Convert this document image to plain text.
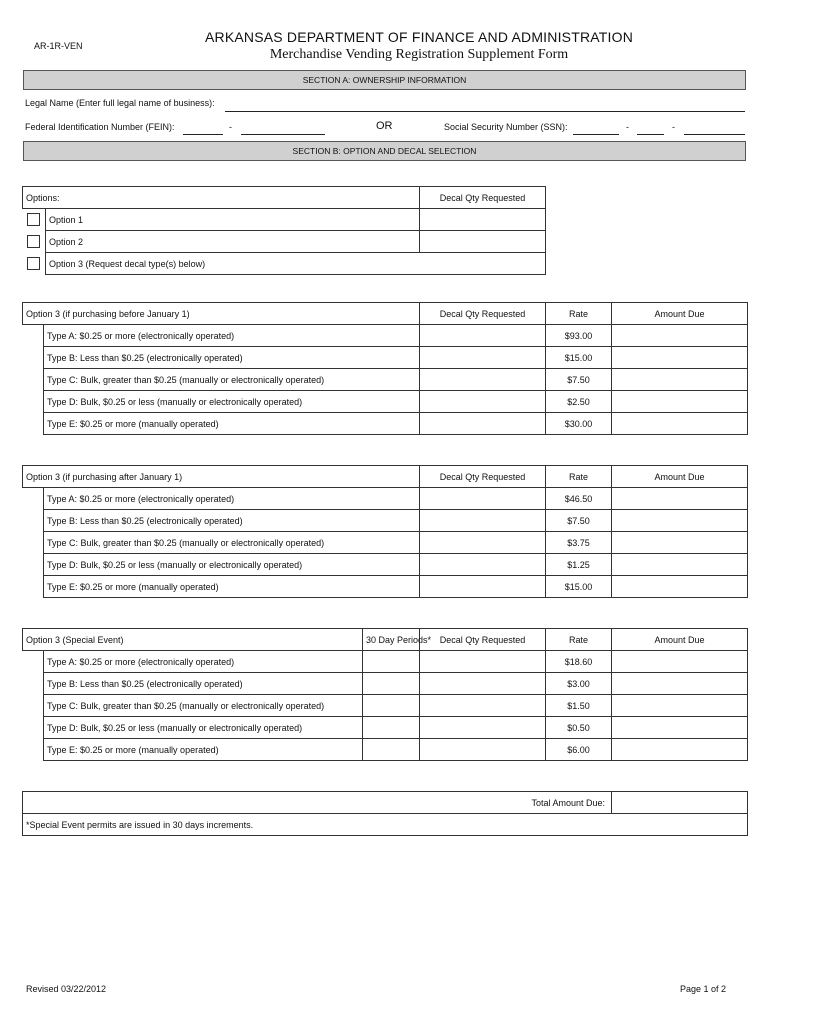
AR-1R-VEN
ARKANSAS DEPARTMENT OF FINANCE AND ADMINISTRATION
Merchandise Vending Registration Supplement Form
SECTION A: OWNERSHIP INFORMATION
Legal Name (Enter full legal name of business):
Federal Identification Number (FEIN):	-	OR	Social Security Number (SSN):	-	-
SECTION B: OPTION AND DECAL SELECTION
Options:		Decal Qty Requested
	Option 1	
	Option 2	
	Option 3 (Request decal type(s) below)	
Option 3 (if purchasing before January 1)		Decal Qty Requested	Rate	Amount Due
	Type A: $0.25 or more (electronically operated)		$93.00	
	Type B: Less than $0.25 (electronically operated)		$15.00	
	Type C: Bulk, greater than $0.25 (manually or electronically operated)		$7.50	
	Type D: Bulk, $0.25 or less (manually or electronically operated)		$2.50	
	Type E: $0.25 or more (manually operated)		$30.00	
Option 3 (if purchasing after January 1)		Decal Qty Requested	Rate	Amount Due
	Type A: $0.25 or more (electronically operated)		$46.50	
	Type B: Less than $0.25 (electronically operated)		$7.50	
	Type C: Bulk, greater than $0.25 (manually or electronically operated)		$3.75	
	Type D: Bulk, $0.25 or less (manually or electronically operated)		$1.25	
	Type E: $0.25 or more (manually operated)		$15.00	
Option 3 (Special Event)		30 Day Periods*	Decal Qty Requested	Rate	Amount Due
	Type A: $0.25 or more (electronically operated)			$18.60	
	Type B: Less than $0.25 (electronically operated)			$3.00	
	Type C: Bulk, greater than $0.25 (manually or electronically operated)			$1.50	
	Type D: Bulk, $0.25 or less (manually or electronically operated)			$0.50	
	Type E: $0.25 or more (manually operated)			$6.00	
Total Amount Due:	
*Special Event permits are issued in 30 days increments.
Revised 03/22/2012	Page 1 of 2
